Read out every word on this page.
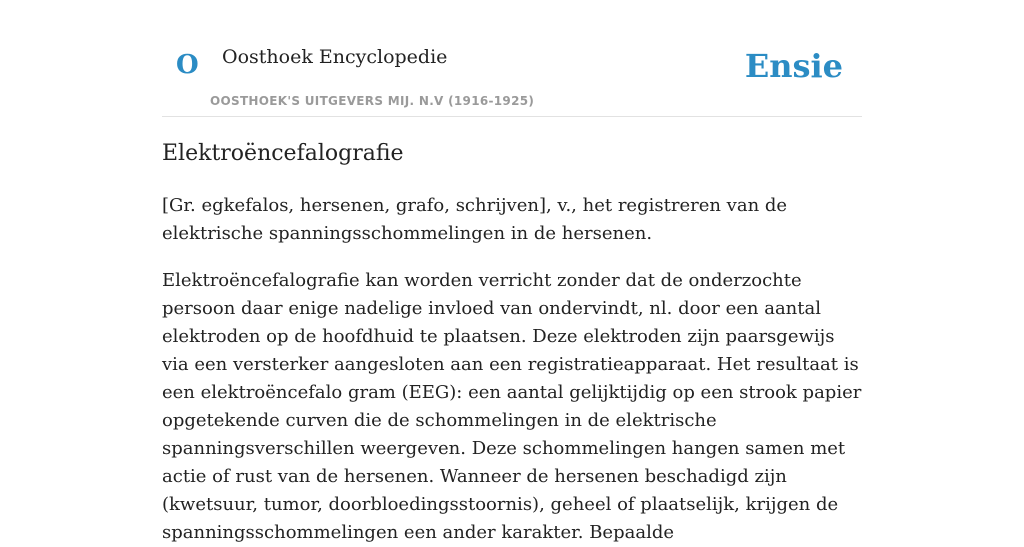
O Oosthoek Encyclopedie
OOSTHOEK'S UITGEVERS MIJ. N.V (1916-1925)
Ensie
Elektroëncefalografie

[Gr. egkefalos, hersenen, grafo, schrijven], v., het registreren van de elektrische spanningsschommelingen in de hersenen.

Elektroëncefalografie kan worden verricht zonder dat de onderzochte persoon daar enige nadelige invloed van ondervindt, nl. door een aantal elektroden op de hoofdhuid te plaatsen. Deze elektroden zijn paarsgewijs via een versterker aangesloten aan een registratieapparaat. Het resultaat is een elektroëncefalo gram (EEG): een aantal gelijktijdig op een strook papier opgetekende curven die de schommelingen in de elektrische spanningsverschillen weergeven. Deze schommelingen hangen samen met actie of rust van de hersenen. Wanneer de hersenen beschadigd zijn (kwetsuur, tumor, doorbloedingsstoornis), geheel of plaatselijk, krijgen de spanningsschommelingen een ander karakter. Bepaalde
